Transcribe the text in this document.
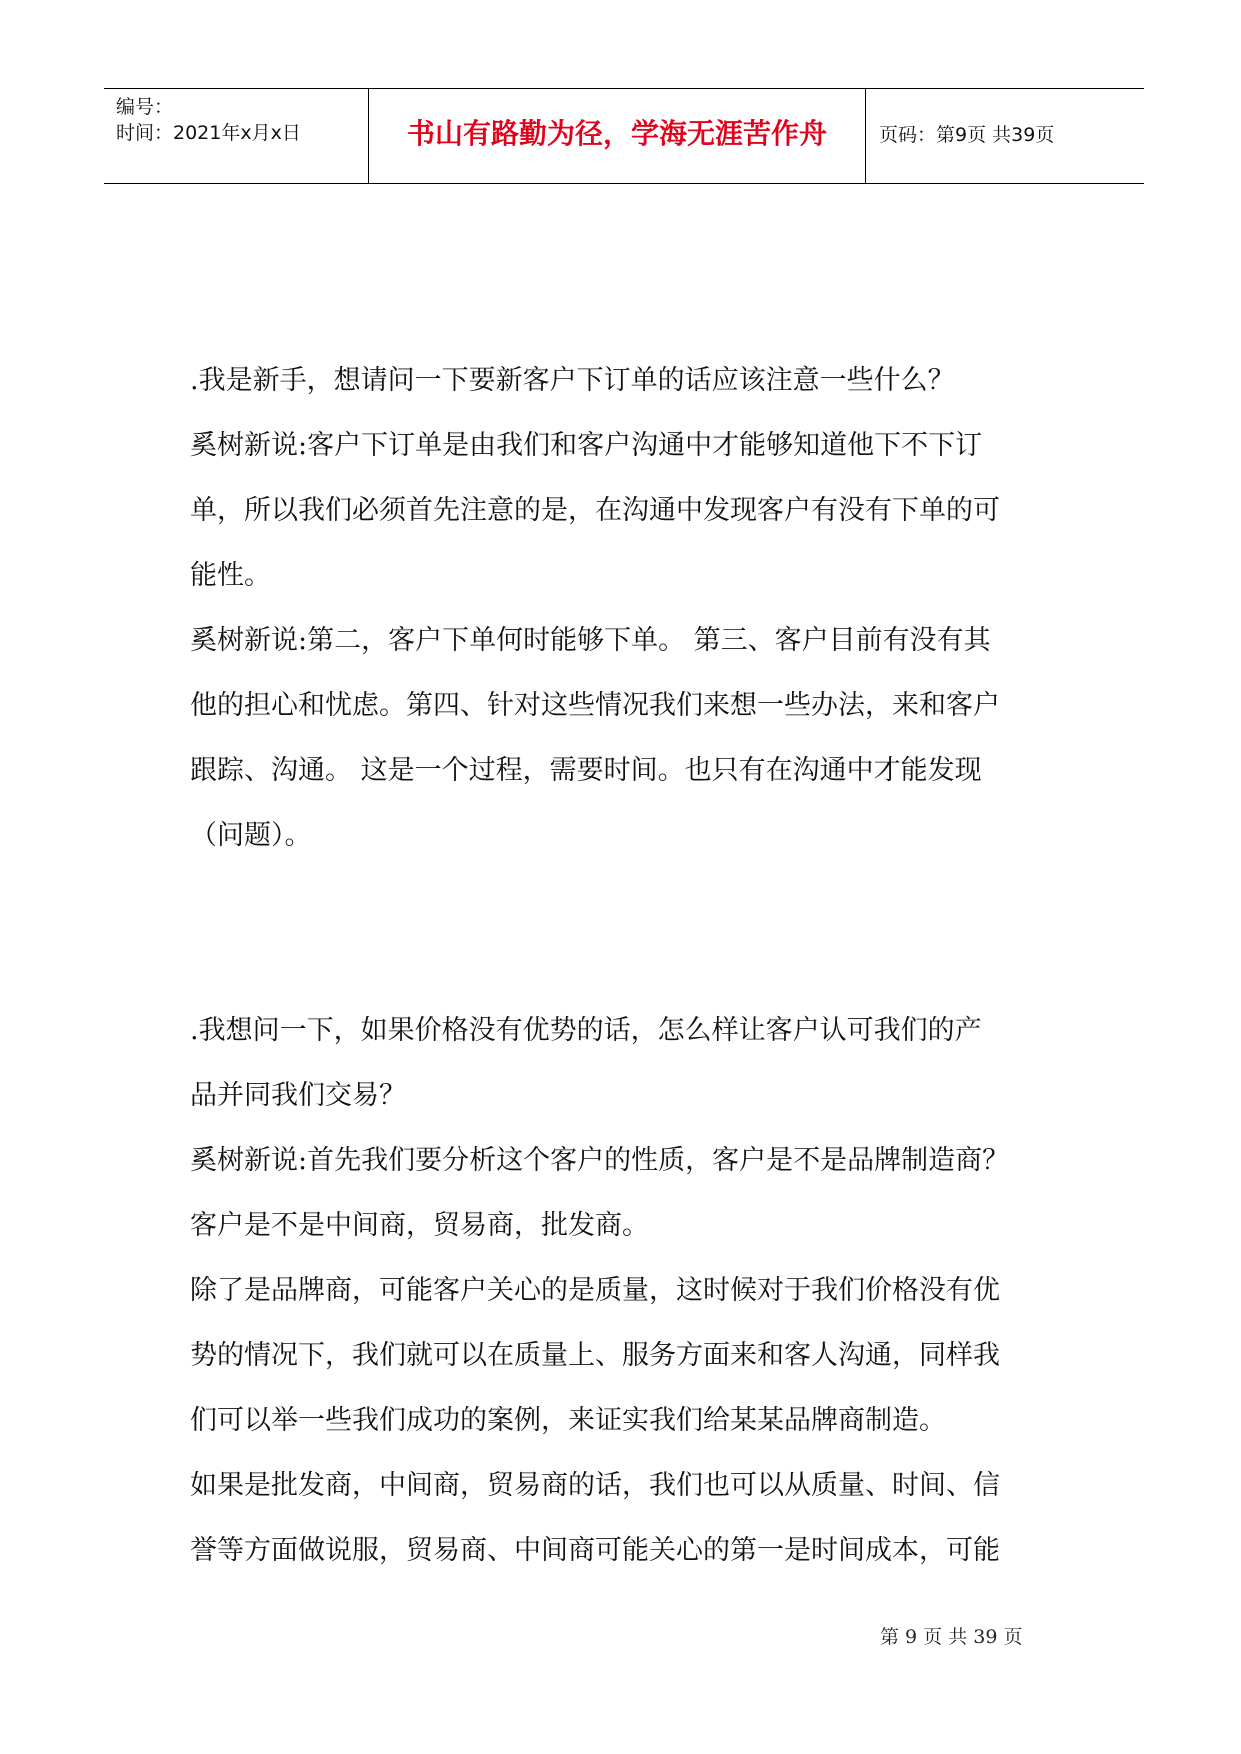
编号：
时间：2021年x月x日	书山有路勤为径，学海无涯苦作舟	页码：第9页 共39页

.我是新手，想请问一下要新客户下订单的话应该注意一些什么？

奚树新说:客户下订单是由我们和客户沟通中才能够知道他下不下订

单，所以我们必须首先注意的是，在沟通中发现客户有没有下单的可

能性。

奚树新说:第二，客户下单何时能够下单。 第三、客户目前有没有其

他的担心和忧虑。第四、针对这些情况我们来想一些办法，来和客户

跟踪、沟通。 这是一个过程，需要时间。也只有在沟通中才能发现

（问题）。

.我想问一下，如果价格没有优势的话，怎么样让客户认可我们的产

品并同我们交易？

奚树新说:首先我们要分析这个客户的性质，客户是不是品牌制造商？

客户是不是中间商，贸易商，批发商。

除了是品牌商，可能客户关心的是质量，这时候对于我们价格没有优

势的情况下，我们就可以在质量上、服务方面来和客人沟通，同样我

们可以举一些我们成功的案例，来证实我们给某某品牌商制造。

如果是批发商，中间商，贸易商的话，我们也可以从质量、时间、信

誉等方面做说服，贸易商、中间商可能关心的第一是时间成本，可能

第 9 页 共 39 页
